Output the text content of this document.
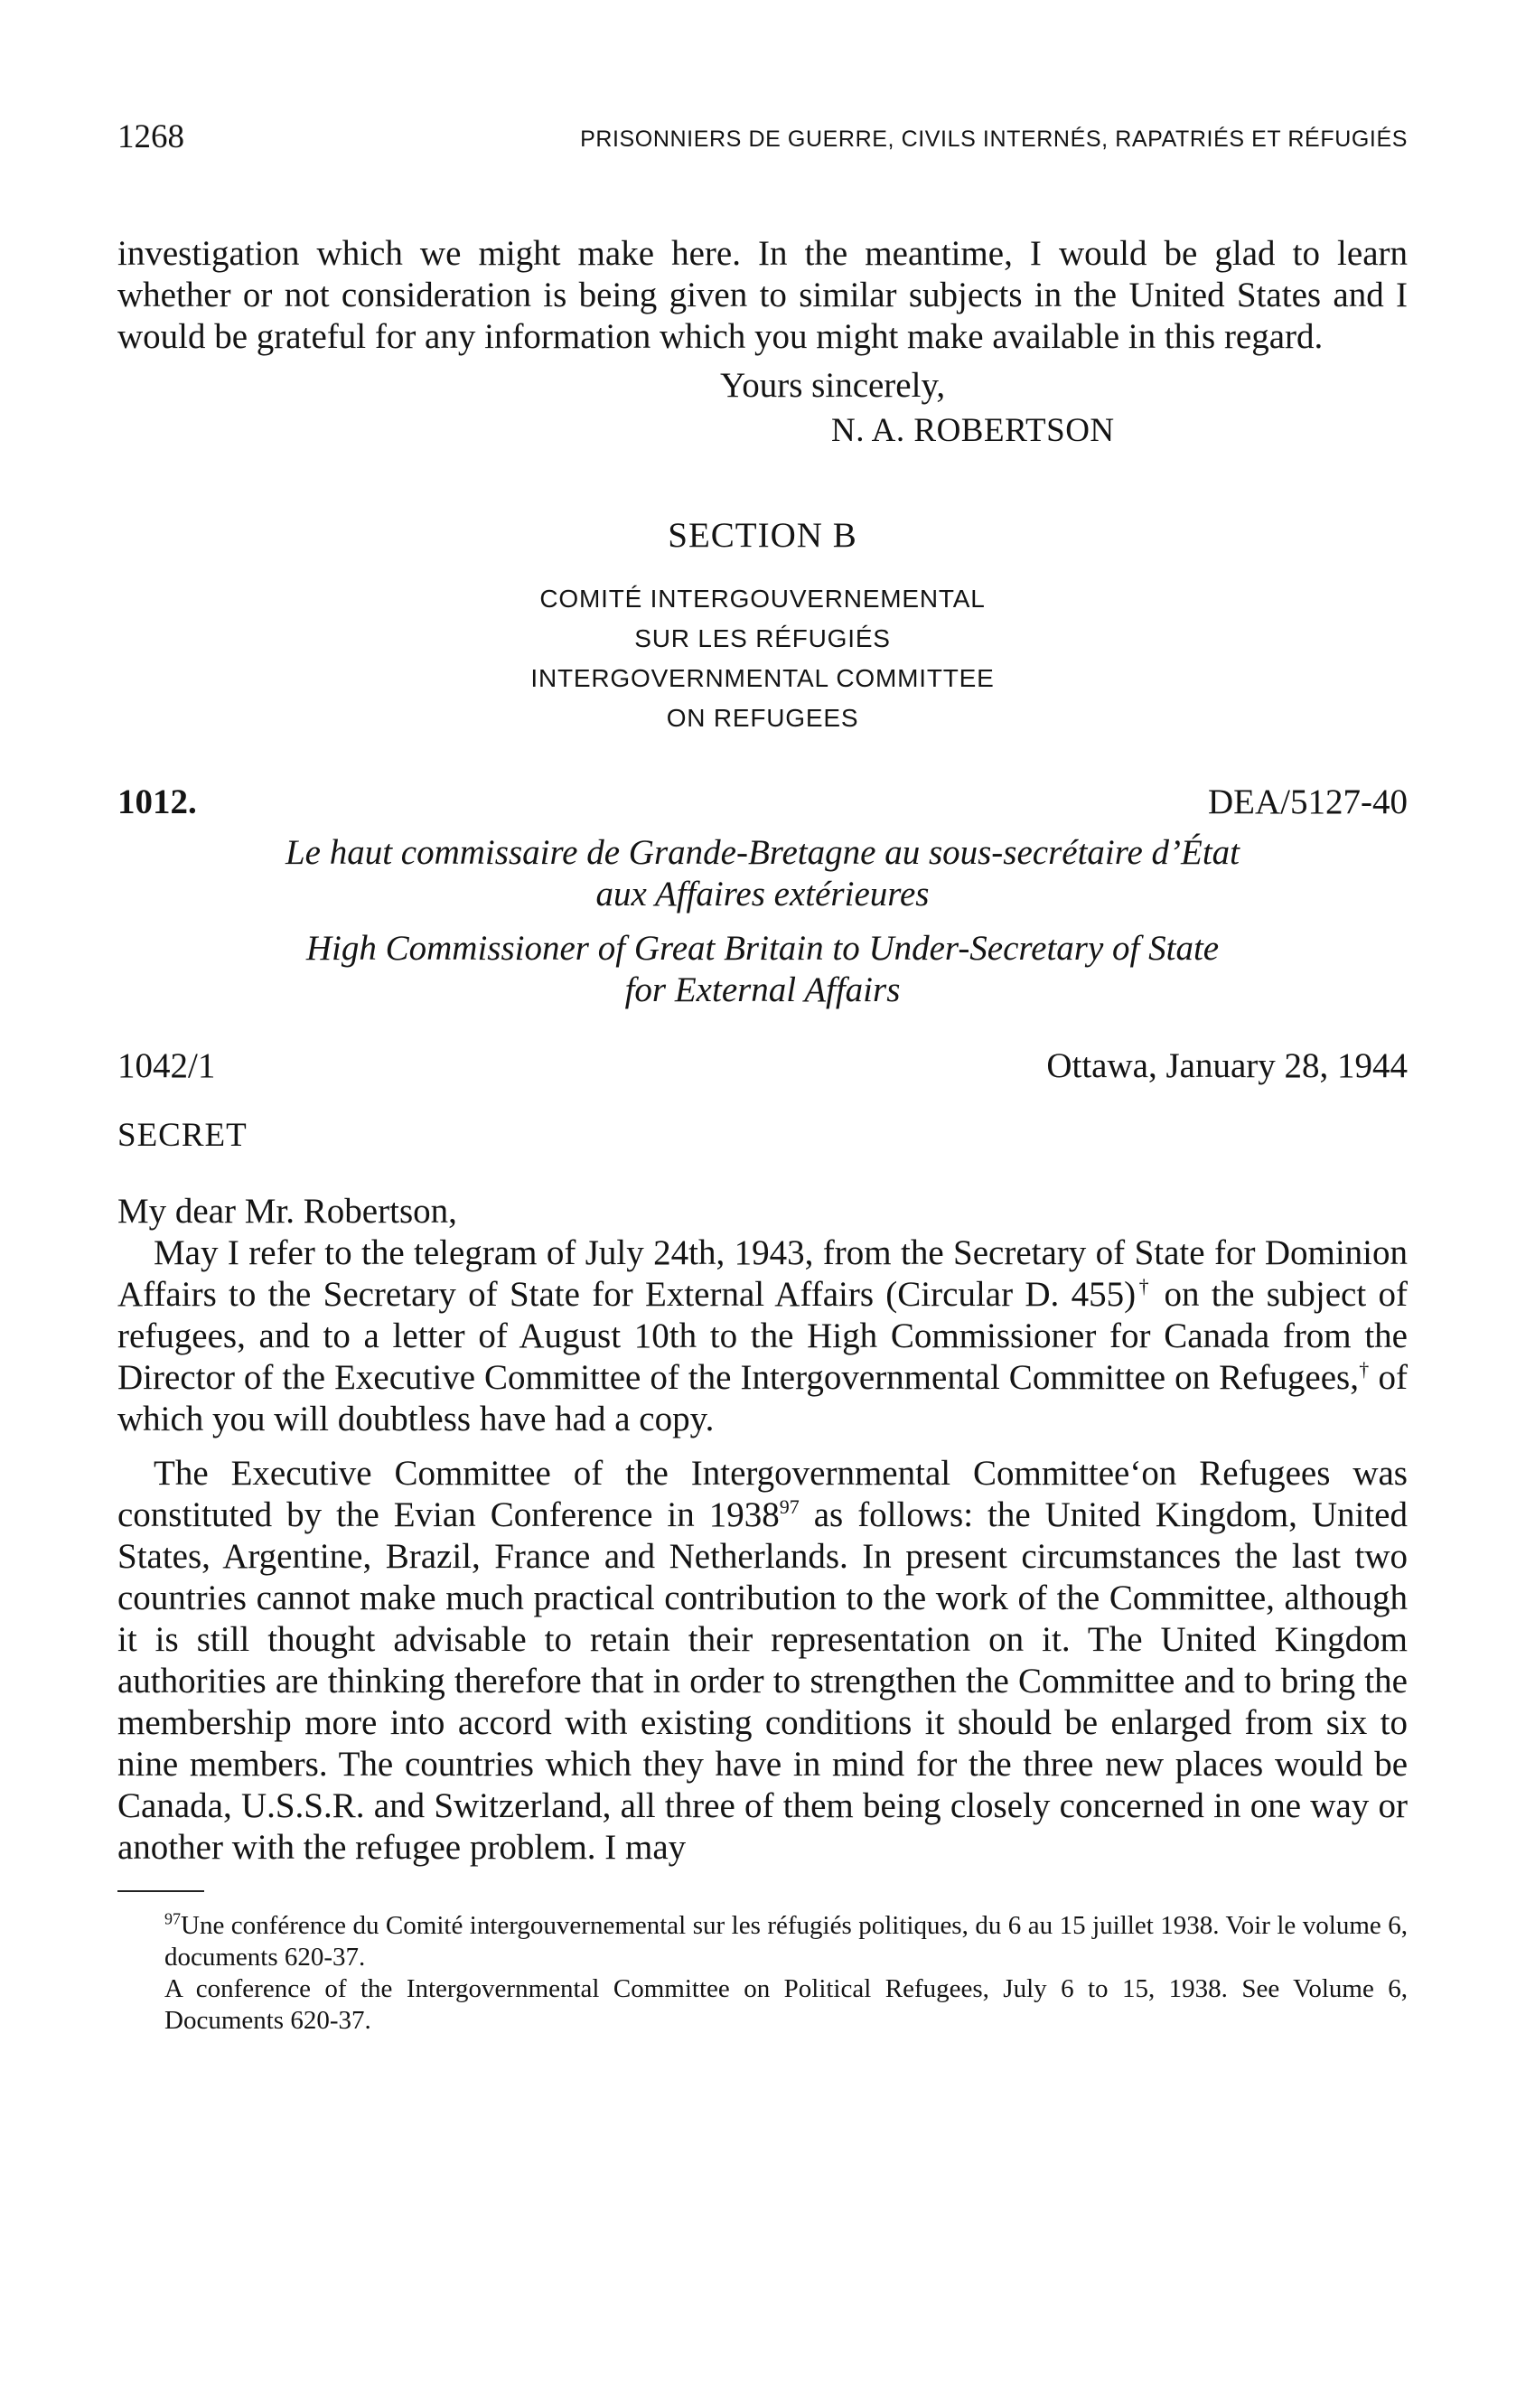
1268	PRISONNIERS DE GUERRE, CIVILS INTERNÉS, RAPATRIÉS ET RÉFUGIÉS

investigation which we might make here. In the meantime, I would be glad to learn whether or not consideration is being given to similar subjects in the United States and I would be grateful for any information which you might make available in this regard.

Yours sincerely,
N. A. ROBERTSON
SECTION B
COMITÉ INTERGOUVERNEMENTAL
SUR LES RÉFUGIÉS
INTERGOVERNMENTAL COMMITTEE
ON REFUGEES
1012.	DEA/5127-40
Le haut commissaire de Grande-Bretagne au sous-secrétaire d’État
aux Affaires extérieures
High Commissioner of Great Britain to Under-Secretary of State
for External Affairs
1042/1	Ottawa, January 28, 1944
SECRET
My dear Mr. Robertson,

May I refer to the telegram of July 24th, 1943, from the Secretary of State for Dominion Affairs to the Secretary of State for External Affairs (Circular D. 455)† on the subject of refugees, and to a letter of August 10th to the High Commissioner for Canada from the Director of the Executive Committee of the Intergovernmental Committee on Refugees,† of which you will doubtless have had a copy.

The Executive Committee of the Intergovernmental Committee‘on Refugees was constituted by the Evian Conference in 1938$^{97}$ as follows: the United Kingdom, United States, Argentine, Brazil, France and Netherlands. In present circumstances the last two countries cannot make much practical contribution to the work of the Committee, although it is still thought advisable to retain their representation on it. The United Kingdom authorities are thinking therefore that in order to strengthen the Committee and to bring the membership more into accord with existing conditions it should be enlarged from six to nine members. The countries which they have in mind for the three new places would be Canada, U.S.S.R. and Switzerland, all three of them being closely concerned in one way or another with the refugee problem. I may

$^{97}$Une conférence du Comité intergouvernemental sur les réfugiés politiques, du 6 au 15 juillet 1938. Voir le volume 6, documents 620-37.
A conference of the Intergovernmental Committee on Political Refugees, July 6 to 15, 1938. See Volume 6, Documents 620-37.
